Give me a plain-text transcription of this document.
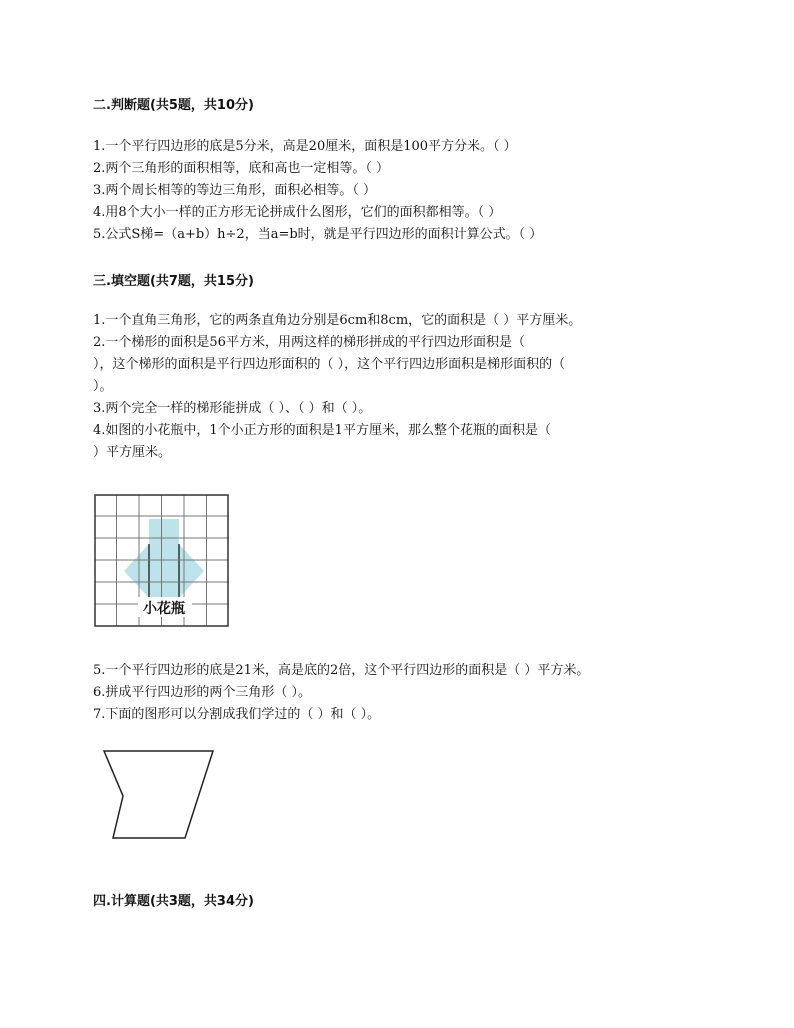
二.判断题(共5题，共10分)
1.一个平行四边形的底是5分米，高是20厘米，面积是100平方分米。（ ）
2.两个三角形的面积相等，底和高也一定相等。（ ）
3.两个周长相等的等边三角形，面积必相等。（ ）
4.用8个大小一样的正方形无论拼成什么图形，它们的面积都相等。（ ）
5.公式S梯=（a+b）h÷2，当a=b时，就是平行四边形的面积计算公式。（ ）
三.填空题(共7题，共15分)
1.一个直角三角形，它的两条直角边分别是6cm和8cm，它的面积是（ ）平方厘米。
2.一个梯形的面积是56平方米，用两这样的梯形拼成的平行四边形面积是（
），这个梯形的面积是平行四边形面积的（ ），这个平行四边形面积是梯形面积的（
）。
3.两个完全一样的梯形能拼成（ ）、（ ）和（ ）。
4.如图的小花瓶中，1个小正方形的面积是1平方厘米，那么整个花瓶的面积是（
）平方厘米。
小花瓶
5.一个平行四边形的底是21米，高是底的2倍，这个平行四边形的面积是（ ）平方米。
6.拼成平行四边形的两个三角形（ ）。
7.下面的图形可以分割成我们学过的（ ）和（ ）。
四.计算题(共3题，共34分)
